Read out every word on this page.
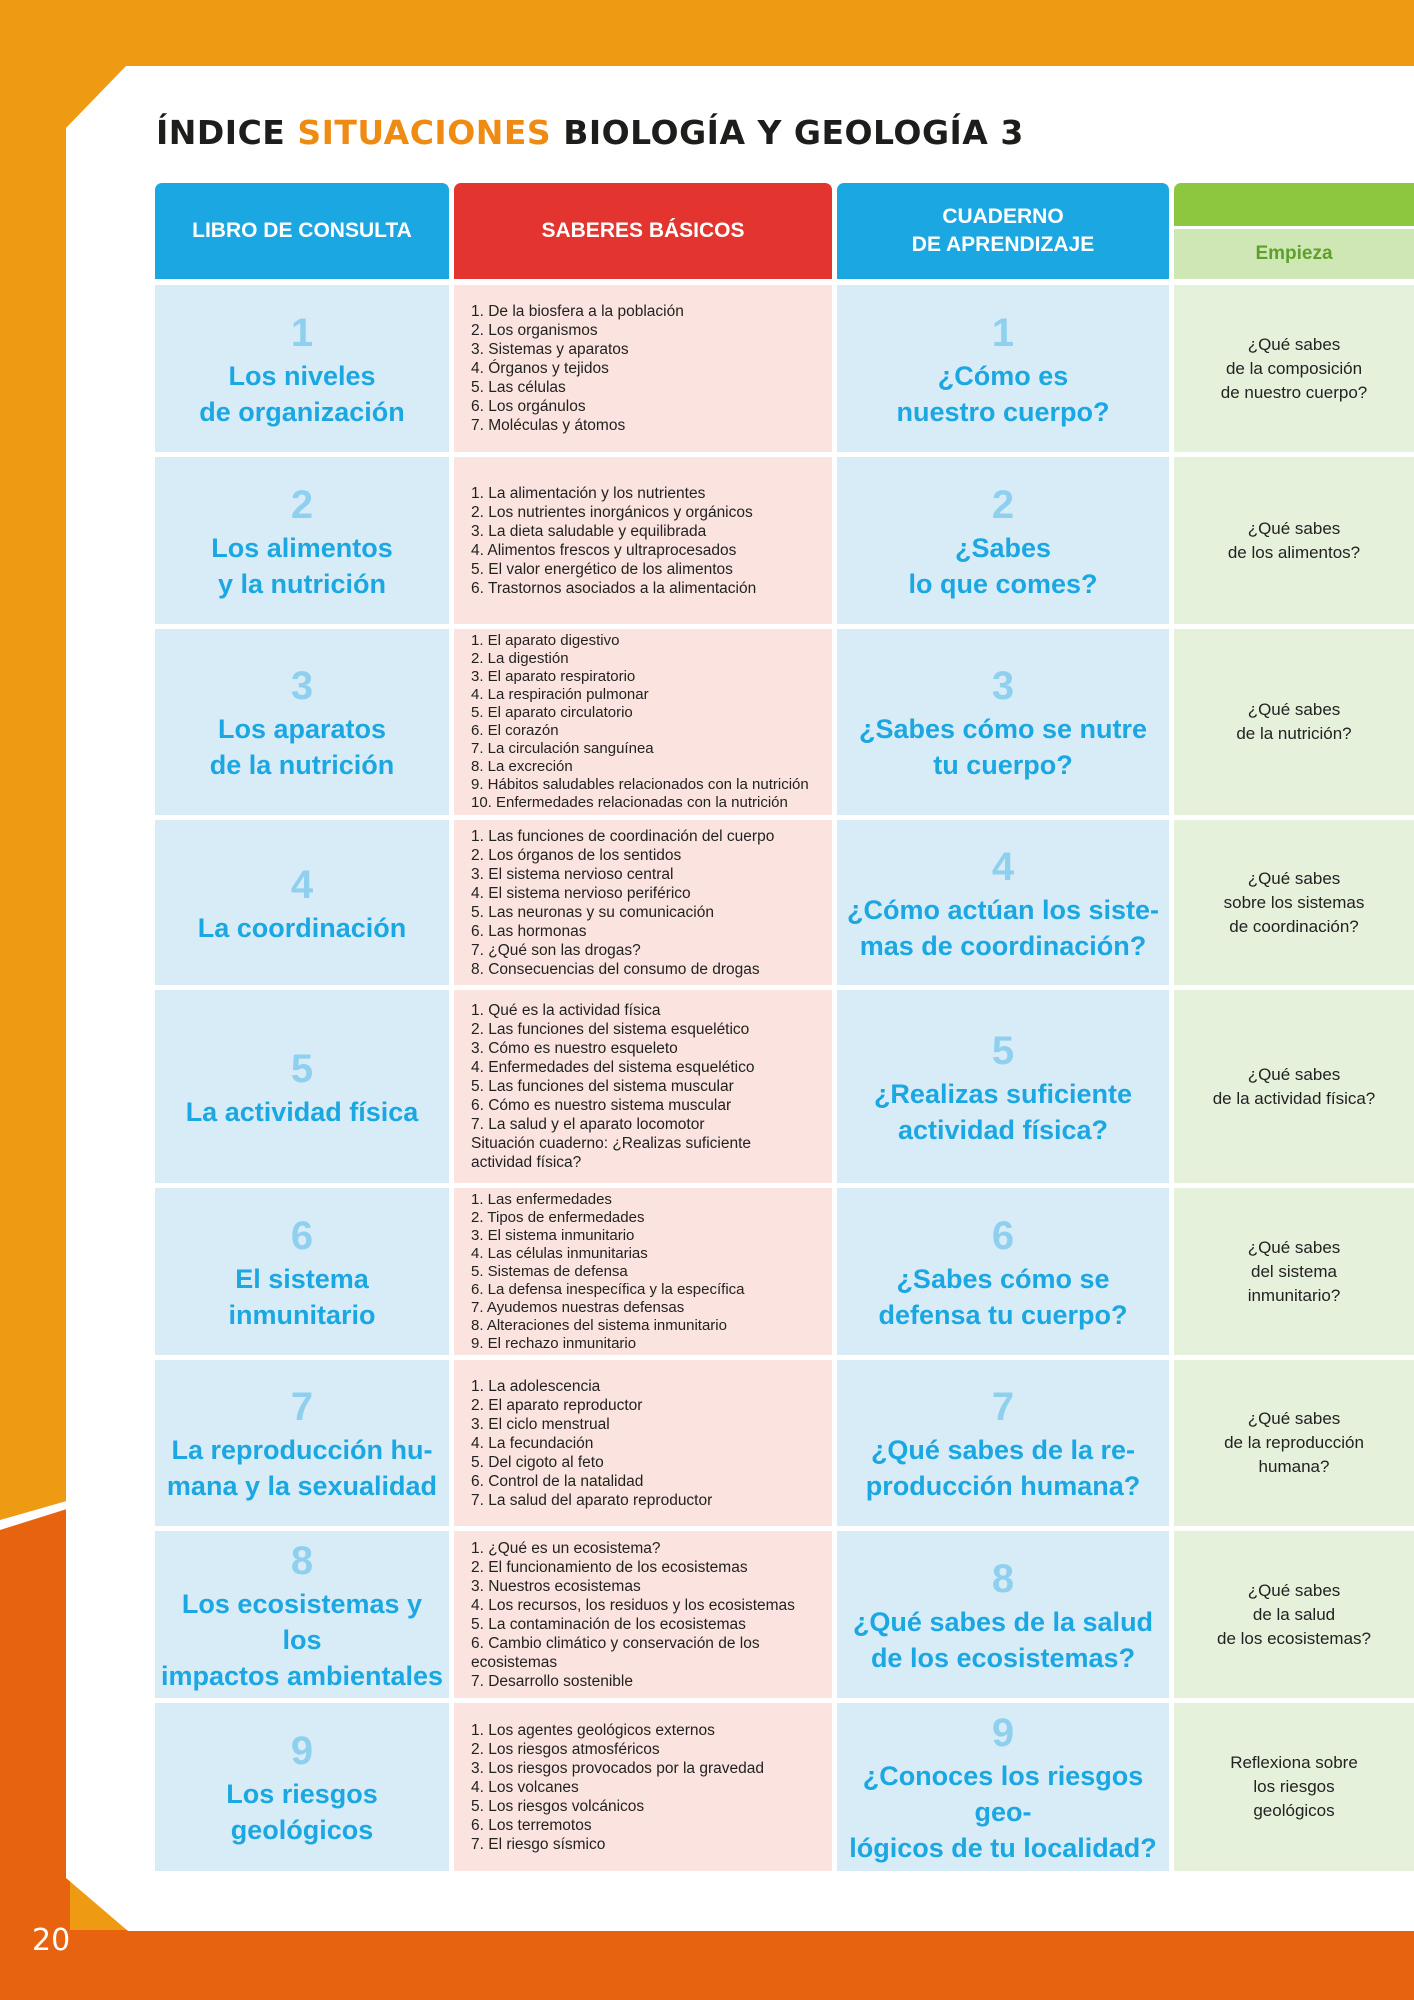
ÍNDICE SITUACIONES BIOLOGÍA Y GEOLOGÍA 3
LIBRO DE CONSULTA	SABERES BÁSICOS
CUADERNO
DE APRENDIZAJE	Empieza
1
Los niveles
de organización
1. De la biosfera a la población
2. Los organismos
3. Sistemas y aparatos
4. Órganos y tejidos
5. Las células
6. Los orgánulos
7. Moléculas y átomos
1
¿Cómo es
nuestro cuerpo?
¿Qué sabes
de la composición
de nuestro cuerpo?
2
Los alimentos
y la nutrición
1. La alimentación y los nutrientes
2. Los nutrientes inorgánicos y orgánicos
3. La dieta saludable y equilibrada
4. Alimentos frescos y ultraprocesados
5. El valor energético de los alimentos
6. Trastornos asociados a la alimentación
2
¿Sabes
lo que comes?
¿Qué sabes
de los alimentos?
3
Los aparatos
de la nutrición
1. El aparato digestivo
2. La digestión
3. El aparato respiratorio
4. La respiración pulmonar
5. El aparato circulatorio
6. El corazón
7. La circulación sanguínea
8. La excreción
9. Hábitos saludables relacionados con la nutrición
10. Enfermedades relacionadas con la nutrición
3
¿Sabes cómo se nutre
tu cuerpo?
¿Qué sabes
de la nutrición?
4
La coordinación
1. Las funciones de coordinación del cuerpo
2. Los órganos de los sentidos
3. El sistema nervioso central
4. El sistema nervioso periférico
5. Las neuronas y su comunicación
6. Las hormonas
7. ¿Qué son las drogas?
8. Consecuencias del consumo de drogas
4
¿Cómo actúan los siste-
mas de coordinación?
¿Qué sabes
sobre los sistemas
de coordinación?
5
La actividad física
1. Qué es la actividad física
2. Las funciones del sistema esquelético
3. Cómo es nuestro esqueleto
4. Enfermedades del sistema esquelético
5. Las funciones del sistema muscular
6. Cómo es nuestro sistema muscular
7. La salud y el aparato locomotor
Situación cuaderno: ¿Realizas suficiente
actividad física?
5
¿Realizas suficiente
actividad física?
¿Qué sabes
de la actividad física?
6
El sistema
inmunitario
1. Las enfermedades
2. Tipos de enfermedades
3. El sistema inmunitario
4. Las células inmunitarias
5. Sistemas de defensa
6. La defensa inespecífica y la específica
7. Ayudemos nuestras defensas
8. Alteraciones del sistema inmunitario
9. El rechazo inmunitario
6
¿Sabes cómo se
defensa tu cuerpo?
¿Qué sabes
del sistema
inmunitario?
7
La reproducción hu-
mana y la sexualidad
1. La adolescencia
2. El aparato reproductor
3. El ciclo menstrual
4. La fecundación
5. Del cigoto al feto
6. Control de la natalidad
7. La salud del aparato reproductor
7
¿Qué sabes de la re-
producción humana?
¿Qué sabes
de la reproducción
humana?
8
Los ecosistemas y los
impactos ambientales
1. ¿Qué es un ecosistema?
2. El funcionamiento de los ecosistemas
3. Nuestros ecosistemas
4. Los recursos, los residuos y los ecosistemas
5. La contaminación de los ecosistemas
6. Cambio climático y conservación de los
ecosistemas
7. Desarrollo sostenible
8
¿Qué sabes de la salud
de los ecosistemas?
¿Qué sabes
de la salud
de los ecosistemas?
9
Los riesgos
geológicos
1. Los agentes geológicos externos
2. Los riesgos atmosféricos
3. Los riesgos provocados por la gravedad
4. Los volcanes
5. Los riesgos volcánicos
6. Los terremotos
7. El riesgo sísmico
9
¿Conoces los riesgos geo-
lógicos de tu localidad?
Reflexiona sobre
los riesgos
geológicos
20
